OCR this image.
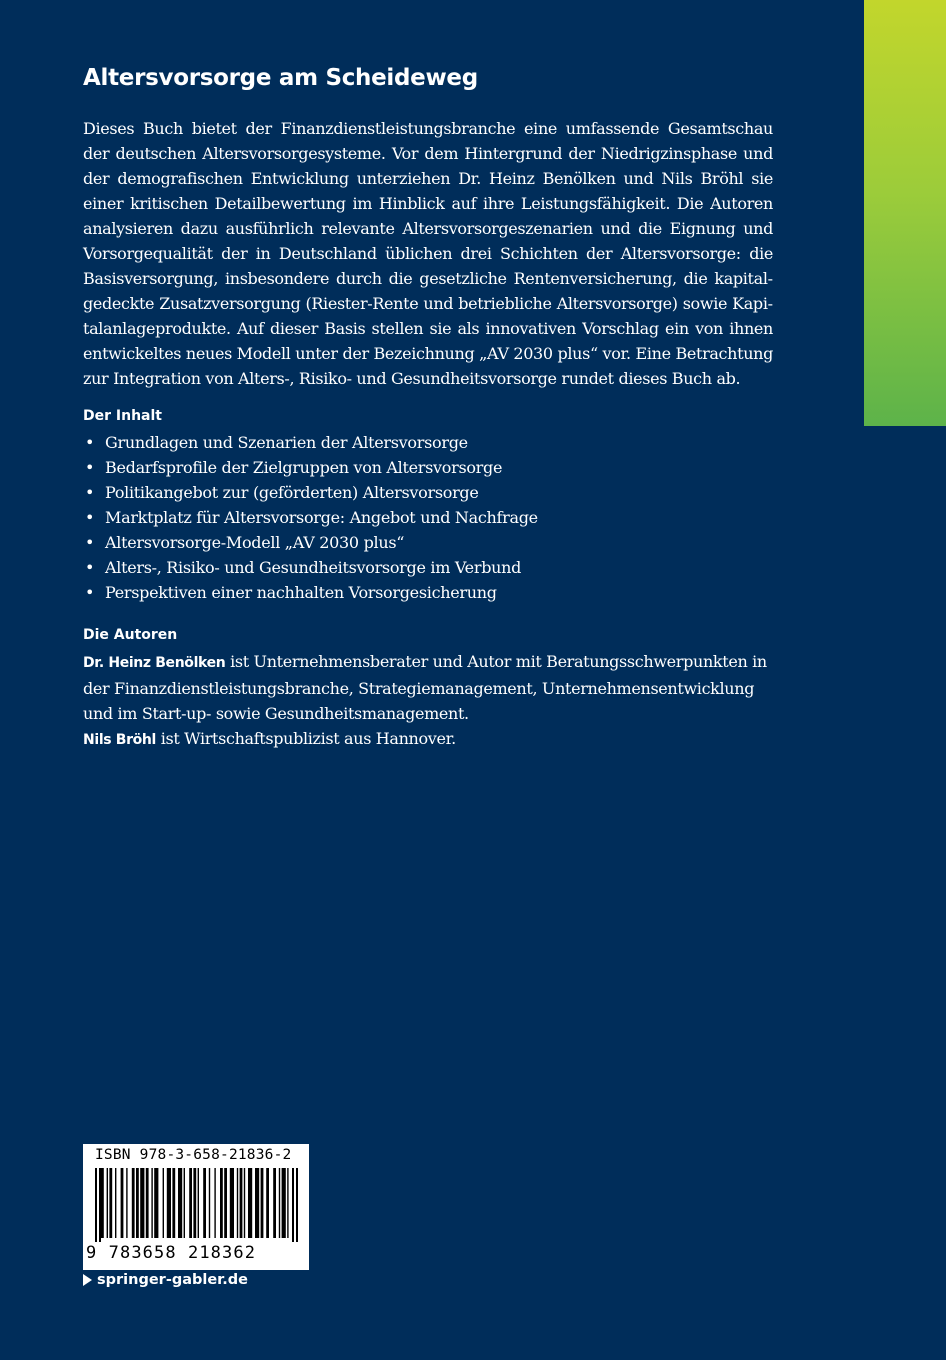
Altersvorsorge am Scheideweg

Dieses Buch bietet der Finanzdienstleistungsbranche eine umfassende Gesamtschau der deutschen Altersvorsorgesysteme. Vor dem Hintergrund der Niedrigzinsphase und der demografischen Entwicklung unterziehen Dr. Heinz Benölken und Nils Bröhl sie einer kritischen Detailbewertung im Hinblick auf ihre Leistungsfähigkeit. Die Autoren analysieren dazu ausführlich relevante Altersvorsorgeszenarien und die Eignung und Vorsorgequalität der in Deutschland üblichen drei Schichten der Altersvorsorge: die Basisversorgung, insbesondere durch die gesetzliche Rentenversicherung, die kapitalgedeckte Zusatzversorgung (Riester-Rente und betriebliche Altersvorsorge) sowie Kapitalanlageprodukte. Auf dieser Basis stellen sie als innovativen Vorschlag ein von ihnen entwickeltes neues Modell unter der Bezeichnung „AV 2030 plus“ vor. Eine Betrachtung zur Integration von Alters-, Risiko- und Gesundheitsvorsorge rundet dieses Buch ab.

Der Inhalt
• Grundlagen und Szenarien der Altersvorsorge
• Bedarfsprofile der Zielgruppen von Altersvorsorge
• Politikangebot zur (geförderten) Altersvorsorge
• Marktplatz für Altersvorsorge: Angebot und Nachfrage
• Altersvorsorge-Modell „AV 2030 plus“
• Alters-, Risiko- und Gesundheitsvorsorge im Verbund
• Perspektiven einer nachhalten Vorsorgesicherung
Die Autoren

Dr. Heinz Benölken ist Unternehmensberater und Autor mit Beratungsschwerpunkten in der Finanzdienstleistungsbranche, Strategiemanagement, Unternehmensentwicklung und im Start-up- sowie Gesundheitsmanagement.

Nils Bröhl ist Wirtschaftspublizist aus Hannover.

ISBN 978-3-658-21836-2
9 783658 218362
springer-gabler.de
